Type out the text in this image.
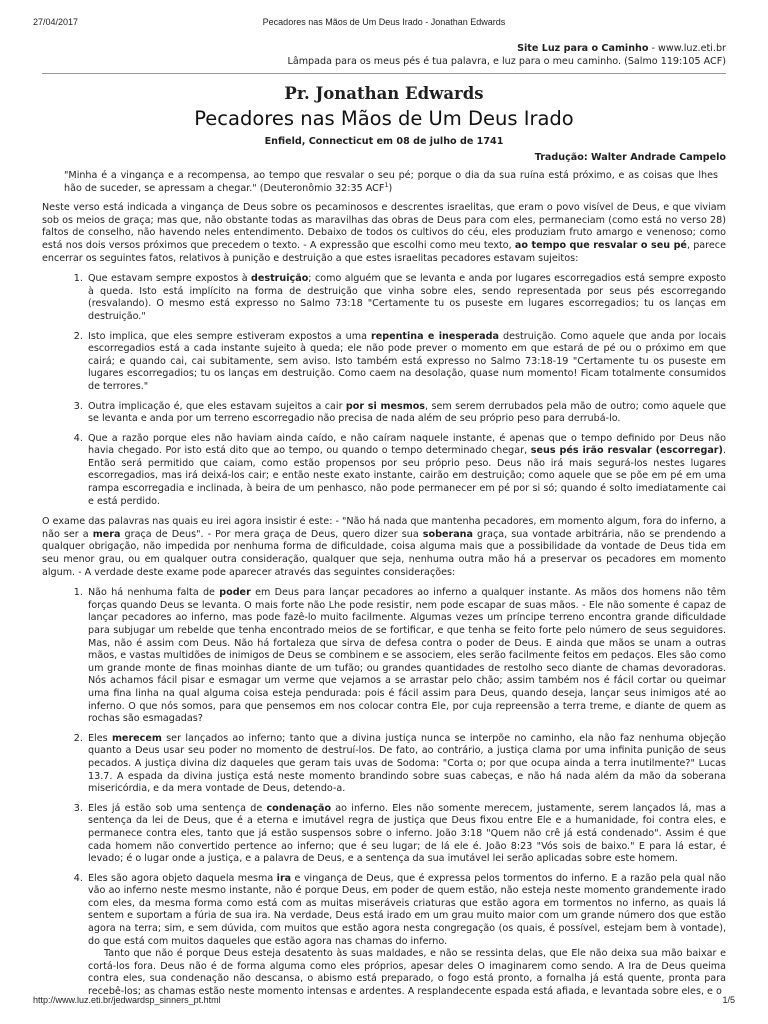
27/04/2017	Pecadores nas Mãos de Um Deus Irado - Jonathan Edwards
Site Luz para o Caminho - www.luz.eti.br
Lâmpada para os meus pés é tua palavra, e luz para o meu caminho. (Salmo 119:105 ACF)
Pr. Jonathan Edwards
Pecadores nas Mãos de Um Deus Irado
Enfield, Connecticut em 08 de julho de 1741
Tradução: Walter Andrade Campelo
"Minha é a vingança e a recompensa, ao tempo que resvalar o seu pé; porque o dia da sua ruína está próximo, e as coisas que lhes hão de suceder, se apressam a chegar." (Deuteronômio 32:35 ACF$^1$)

Neste verso está indicada a vingança de Deus sobre os pecaminosos e descrentes israelitas, que eram o povo visível de Deus, e que viviam sob os meios de graça; mas que, não obstante todas as maravilhas das obras de Deus para com eles, permaneciam (como está no verso 28) faltos de conselho, não havendo neles entendimento. Debaixo de todos os cultivos do céu, eles produziam fruto amargo e venenoso; como está nos dois versos próximos que precedem o texto. - A expressão que escolhi como meu texto, ao tempo que resvalar o seu pé, parece encerrar os seguintes fatos, relativos à punição e destruição a que estes israelitas pecadores estavam sujeitos:

1. Que estavam sempre expostos à destruição; como alguém que se levanta e anda por lugares escorregadios está sempre exposto à queda. Isto está implícito na forma de destruição que vinha sobre eles, sendo representada por seus pés escorregando (resvalando). O mesmo está expresso no Salmo 73:18 "Certamente tu os puseste em lugares escorregadios; tu os lanças em destruição."
2. Isto implica, que eles sempre estiveram expostos a uma repentina e inesperada destruição. Como aquele que anda por locais escorregadios está a cada instante sujeito à queda; ele não pode prever o momento em que estará de pé ou o próximo em que cairá; e quando cai, cai subitamente, sem aviso. Isto também está expresso no Salmo 73:18-19 "Certamente tu os puseste em lugares escorregadios; tu os lanças em destruição. Como caem na desolação, quase num momento! Ficam totalmente consumidos de terrores."
3. Outra implicação é, que eles estavam sujeitos a cair por si mesmos, sem serem derrubados pela mão de outro; como aquele que se levanta e anda por um terreno escorregadio não precisa de nada além de seu próprio peso para derrubá-lo.
4. Que a razão porque eles não haviam ainda caído, e não caíram naquele instante, é apenas que o tempo definido por Deus não havia chegado. Por isto está dito que ao tempo, ou quando o tempo determinado chegar, seus pés irão resvalar (escorregar). Então será permitido que caiam, como estão propensos por seu próprio peso. Deus não irá mais segurá-los nestes lugares escorregadios, mas irá deixá-los cair; e então neste exato instante, cairão em destruição; como aquele que se põe em pé em uma rampa escorregadia e inclinada, à beira de um penhasco, não pode permanecer em pé por si só; quando é solto imediatamente cai e está perdido.

O exame das palavras nas quais eu irei agora insistir é este: - "Não há nada que mantenha pecadores, em momento algum, fora do inferno, a não ser a mera graça de Deus". - Por mera graça de Deus, quero dizer sua soberana graça, sua vontade arbitrária, não se prendendo a qualquer obrigação, não impedida por nenhuma forma de dificuldade, coisa alguma mais que a possibilidade da vontade de Deus tida em seu menor grau, ou em qualquer outra consideração, qualquer que seja, nenhuma outra mão há a preservar os pecadores em momento algum. - A verdade deste exame pode aparecer através das seguintes considerações:

1. Não há nenhuma falta de poder em Deus para lançar pecadores ao inferno a qualquer instante. As mãos dos homens não têm forças quando Deus se levanta. O mais forte não Lhe pode resistir, nem pode escapar de suas mãos. - Ele não somente é capaz de lançar pecadores ao inferno, mas pode fazê-lo muito facilmente. Algumas vezes um príncipe terreno encontra grande dificuldade para subjugar um rebelde que tenha encontrado meios de se fortificar, e que tenha se feito forte pelo número de seus seguidores. Mas, não é assim com Deus. Não há fortaleza que sirva de defesa contra o poder de Deus. E ainda que mãos se unam a outras mãos, e vastas multidões de inimigos de Deus se combinem e se associem, eles serão facilmente feitos em pedaços. Eles são como um grande monte de finas moinhas diante de um tufão; ou grandes quantidades de restolho seco diante de chamas devoradoras. Nós achamos fácil pisar e esmagar um verme que vejamos a se arrastar pelo chão; assim também nos é fácil cortar ou queimar uma fina linha na qual alguma coisa esteja pendurada: pois é fácil assim para Deus, quando deseja, lançar seus inimigos até ao inferno. O que nós somos, para que pensemos em nos colocar contra Ele, por cuja repreensão a terra treme, e diante de quem as rochas são esmagadas?
2. Eles merecem ser lançados ao inferno; tanto que a divina justiça nunca se interpõe no caminho, ela não faz nenhuma objeção quanto a Deus usar seu poder no momento de destruí-los. De fato, ao contrário, a justiça clama por uma infinita punição de seus pecados. A justiça divina diz daqueles que geram tais uvas de Sodoma: "Corta o; por que ocupa ainda a terra inutilmente?" Lucas 13.7. A espada da divina justiça está neste momento brandindo sobre suas cabeças, e não há nada além da mão da soberana misericórdia, e da mera vontade de Deus, detendo-a.
3. Eles já estão sob uma sentença de condenação ao inferno. Eles não somente merecem, justamente, serem lançados lá, mas a sentença da lei de Deus, que é a eterna e imutável regra de justiça que Deus fixou entre Ele e a humanidade, foi contra eles, e permanece contra eles, tanto que já estão suspensos sobre o inferno. João 3:18 "Quem não crê já está condenado". Assim é que cada homem não convertido pertence ao inferno; que é seu lugar; de lá ele é. João 8:23 "Vós sois de baixo." E para lá estar, é levado; é o lugar onde a justiça, e a palavra de Deus, e a sentença da sua imutável lei serão aplicadas sobre este homem.
4. Eles são agora objeto daquela mesma ira e vingança de Deus, que é expressa pelos tormentos do inferno. E a razão pela qual não vão ao inferno neste mesmo instante, não é porque Deus, em poder de quem estão, não esteja neste momento grandemente irado com eles, da mesma forma como está com as muitas miseráveis criaturas que estão agora em tormentos no inferno, as quais lá sentem e suportam a fúria de sua ira. Na verdade, Deus está irado em um grau muito maior com um grande número dos que estão agora na terra; sim, e sem dúvida, com muitos que estão agora nesta congregação (os quais, é possível, estejam bem à vontade), do que está com muitos daqueles que estão agora nas chamas do inferno.
Tanto que não é porque Deus esteja desatento às suas maldades, e não se ressinta delas, que Ele não deixa sua mão baixar e cortá-los fora. Deus não é de forma alguma como eles próprios, apesar deles O imaginarem como sendo. A Ira de Deus queima contra eles, sua condenação não descansa, o abismo está preparado, o fogo está pronto, a fornalha já está quente, pronta para recebê-los; as chamas estão neste momento intensas e ardentes. A resplandecente espada está afiada, e levantada sobre eles, e o
http://www.luz.eti.br/jedwardsp_sinners_pt.html	1/5
